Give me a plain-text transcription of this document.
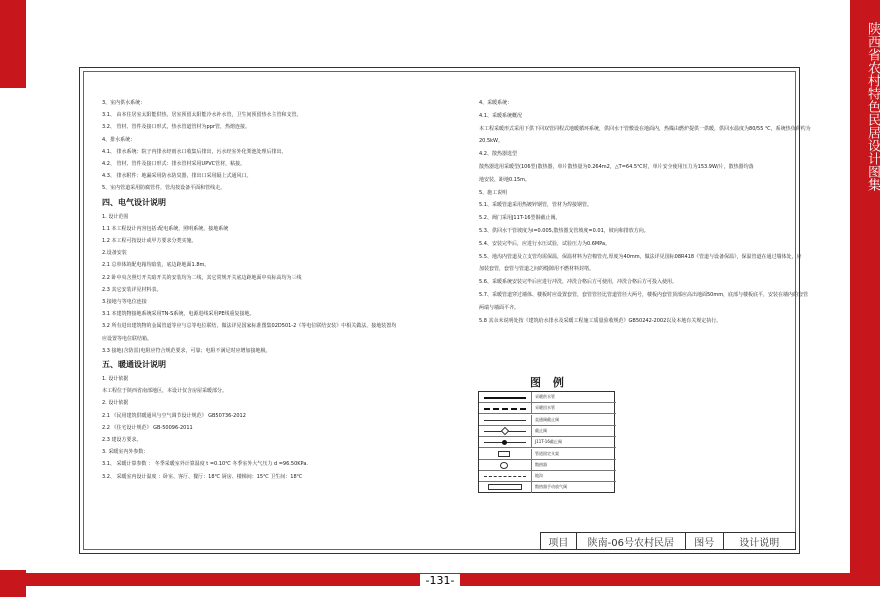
陕西省农村特色民居设计图集
-131-
3、室内供水系统：
3.1、 由本住居室太阳能供热，居室预留太阳能冷水补水管，卫生间预留热水主管和支管。
3.2、 管材、管件及接口形式，热水管道管材为ppr管，热熔连接。
4、排水系统：
4.1、 排水系统：院子内排水经雨水口收集后排出，污水经室外化粪池处理后排出。
4.2、 管材、管件及接口形式：排水管材采用UPVC管材，粘接。
4.3、 排水附件：地漏采用防水防臭器，排出口采用隔上式通风口。
5、室内管道采用防腐管件，管沟按设备平面和管线走。
四、电气设计说明
1. 设计范围
1.1 本工程设计内容包括:配电系统，照明系统，接地系统
1.2 本工程可按设计或甲方要求分类实施。
2.设备安装
2.1 总单体的配电箱均暗装，底边距地面1.8m。
2.2 卧中央含照灯开关暗开关的安装均为二线，其它常规开关底边距地面中央标高均为三线
2.3 其它安装详见材料表。
3.接地与等电位连接
3.1 本建筑物接地系统采用TN-S系统，电源进线采用PE线重复接地。
3.2 所有进出建筑物的金属管道等应与总等电位联结，做法详见国家标准图集02D501-2《等电位联结安装》中相关做法，接地装置均
应设置等电位联结箱。
3.3 接地(含防雷)电阻应符合规范要求，可靠；电阻不满足时应增加接地极。
五、暖通设计说明
1. 设计依据
本工程位于陕西省南部地区，本设计仅含房屋采暖部分。
2. 设计依据
2.1 《民用建筑供暖通风与空气调节设计规范》 GB50736-2012
2.2 《住宅设计规范》 GB-50096-2011
2.3 建设方要求。
3. 采暖室内外参数：
3.1、 采暖计算参数 ： 冬季采暖室外计算温度 t =0.10℃ 冬季室外大气压力 d =96.50KPa.
3.2、 采暖室内设计温度 ：卧室、客厅、餐厅：18℃ 厨房、楼梯间：15℃ 卫生间：18℃
4、采暖系统：
4.1、采暖系统概况
本工程采暖形式采用下供下回双管同程式地暖循环系统，供回水干管敷设在地面内，热媒由燃炉提供一供暖，供回水温度为80/55 ℃，系统热负荷约为
20.5kW。
4.2、散热器选型
散热器选用采暖型(106型)散热器，单片散热量为0.264m2，△T=64.5℃时，单片安全使用压力为153.9W/片，散热器均落
地安装，距地0.15m。
5、施工说明
5.1、采暖管道采用热镀锌钢管，管材为焊接钢管。
5.2、阀门采用J11T-16型铜截止阀。
5.3、供回水干管坡度为i=0.005,散热器支管坡度=0.01，坡向和排放方向。
5.4、安装完毕后，应进行水压试验，试验压力为0.6MPa。
5.5、地沟内管道及立支管均需保温，保温材料为岩棉管壳,厚度为40mm，做法详见国标08R418《管道与设备保温》，保温管道在通过墙体处，应
加装套管，套管与管道之间的缝隙用不燃材料封堵。
5.6、采暖系统安装完毕后应进行冲洗，冲洗合格后方可使用，冲洗合格后方可投入使用。
5.7、采暖管道穿过墙体、楼板时应设置套管，套管管径比管道管径大两号，楼板内套管顶部应高出地面50mm，底部与楼板底平，安装在墙内的套管
两端与墙面平齐。
5.8 其余未说明处按《建筑给水排水及采暖工程施工质量验收规范》GB50242-2002以及本地有关规定执行。
图 例
采暖供水管
采暖回水管
直通阀截止阀
截止阀
J11T-16截止阀
管道固定支架
散热器
地沟
散热器手动放气阀
项目	陕南-06号农村民居	图号	设计说明
